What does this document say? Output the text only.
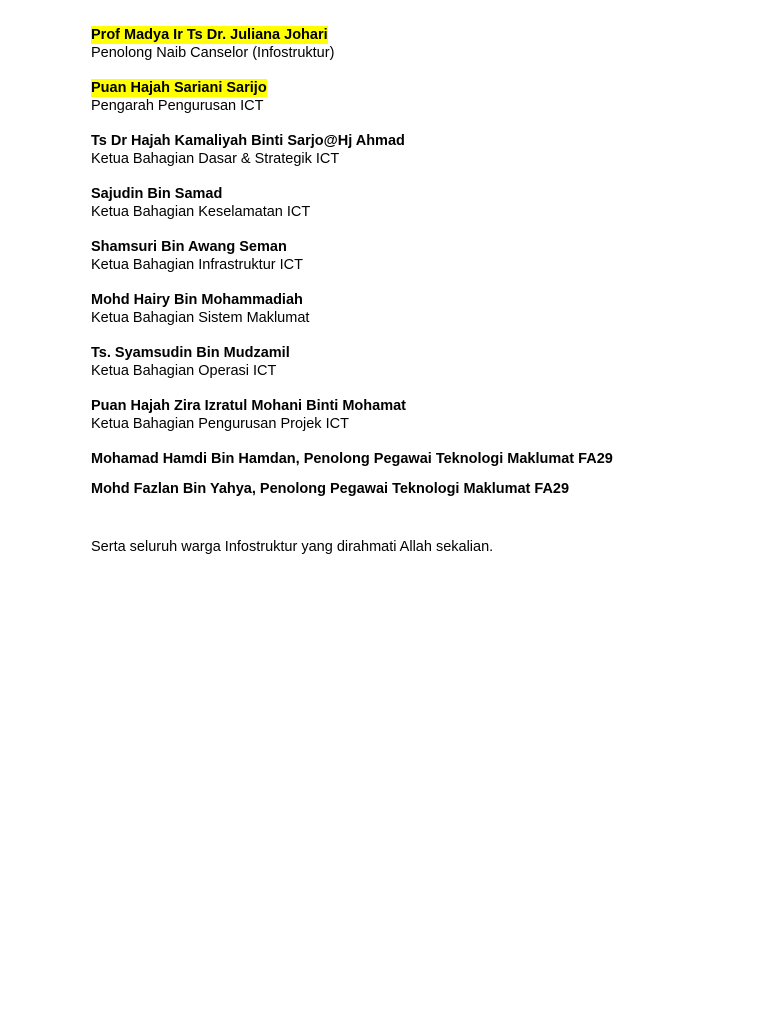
Prof Madya Ir Ts Dr. Juliana Johari
Penolong Naib Canselor (Infostruktur)
Puan Hajah Sariani Sarijo
Pengarah Pengurusan ICT
Ts Dr Hajah Kamaliyah Binti Sarjo@Hj Ahmad
Ketua Bahagian Dasar & Strategik ICT
Sajudin Bin Samad
Ketua Bahagian Keselamatan ICT
Shamsuri Bin Awang Seman
Ketua Bahagian Infrastruktur ICT
Mohd Hairy Bin Mohammadiah
Ketua Bahagian Sistem Maklumat
Ts. Syamsudin Bin Mudzamil
Ketua Bahagian Operasi ICT
Puan Hajah Zira Izratul Mohani Binti Mohamat
Ketua Bahagian Pengurusan Projek ICT
Mohamad Hamdi Bin Hamdan, Penolong Pegawai Teknologi Maklumat FA29
Mohd Fazlan Bin Yahya, Penolong Pegawai Teknologi Maklumat FA29
Serta seluruh warga Infostruktur yang dirahmati Allah sekalian.
